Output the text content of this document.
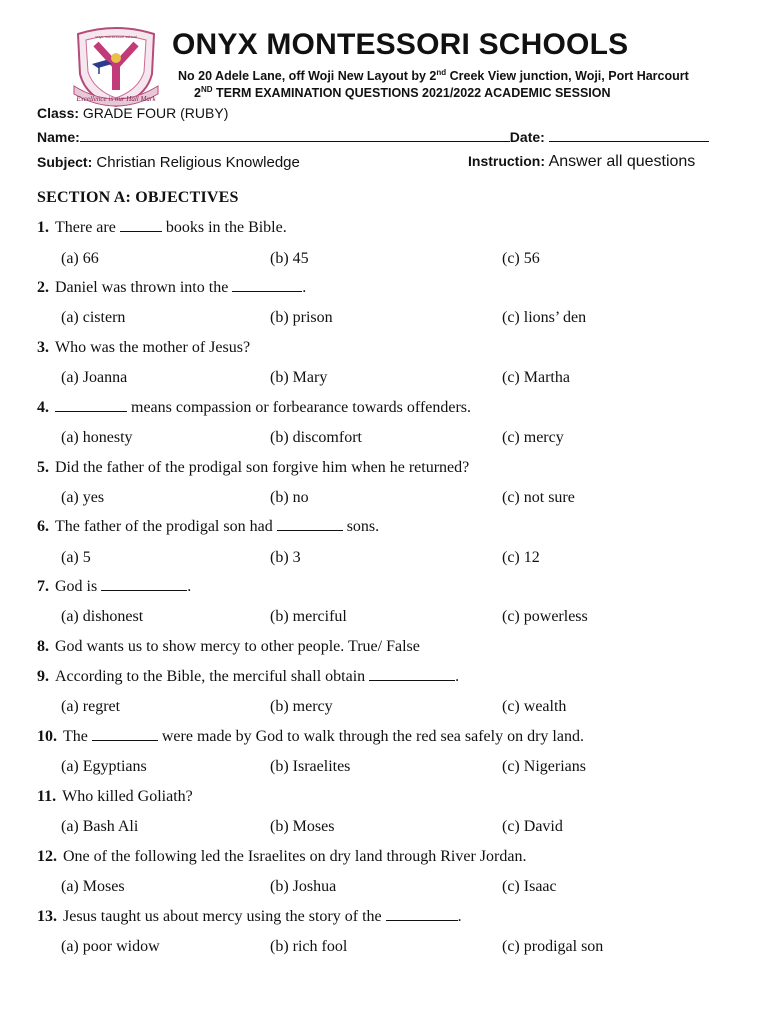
Excellence is our Hall Mark
onyx montessori school ONYX MONTESSORI SCHOOLS
No 20 Adele Lane, off Woji New Layout by 2nd Creek View junction, Woji, Port Harcourt
2ND TERM EXAMINATION QUESTIONS 2021/2022 ACADEMIC SESSION
Class: GRADE FOUR (RUBY)
Name:	Date:
Subject: Christian Religious Knowledge	Instruction: Answer all questions
SECTION A: OBJECTIVES
1. There are	books in the Bible.
(a) 66	(b) 45	(c) 56
2. Daniel was thrown into the	.
(a) cistern	(b) prison	(c) lions’ den
3. Who was the mother of Jesus?
(a) Joanna	(b) Mary	(c) Martha
4.	means compassion or forbearance towards offenders.
(a) honesty	(b) discomfort	(c) mercy
5. Did the father of the prodigal son forgive him when he returned?
(a) yes	(b) no	(c) not sure
6. The father of the prodigal son had	sons.
(a) 5	(b) 3	(c) 12
7. God is	.
(a) dishonest	(b) merciful	(c) powerless
8. God wants us to show mercy to other people. True/ False
9. According to the Bible, the merciful shall obtain	.
(a) regret	(b) mercy	(c) wealth
10. The	were made by God to walk through the red sea safely on dry land.
(a) Egyptians	(b) Israelites	(c) Nigerians
11. Who killed Goliath?
(a) Bash Ali	(b) Moses	(c) David
12. One of the following led the Israelites on dry land through River Jordan.
(a) Moses	(b) Joshua	(c) Isaac
13. Jesus taught us about mercy using the story of the	.
(a) poor widow	(b) rich fool	(c) prodigal son
